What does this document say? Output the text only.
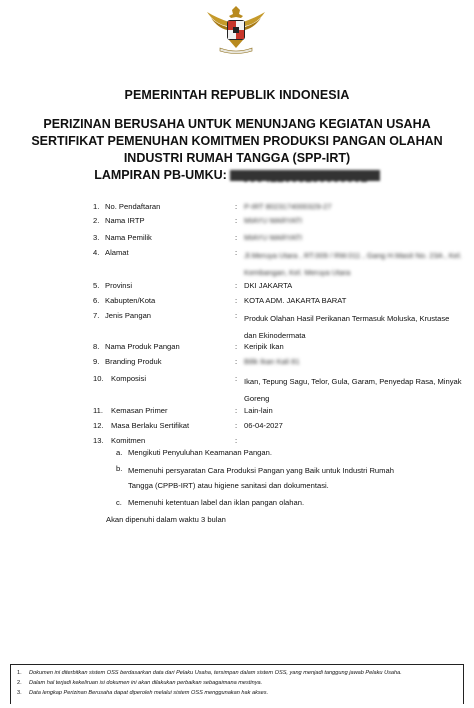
PEMERINTAH REPUBLIK INDONESIA
PERIZINAN BERUSAHA UNTUK MENUNJANG KEGIATAN USAHA
SERTIFIKAT PEMENUHAN KOMITMEN PRODUKSI PANGAN OLAHAN
INDUSTRI RUMAH TANGGA (SPP-IRT)
LAMPIRAN PB-UMKU: 000422003180000001
1. No. Pendaftaran	: P-IRT 8023174000329-27
2. Nama IRTP	: MIAYU MARYATI
3. Nama Pemilik	: MIAYU MARYATI
4. Alamat	: Jl.Meruya Utara , RT.009 / RW.011 , Gang H.Masit No. 23A , Kel. Kembangan, Kel. Meruya Utara
5. Provinsi	: DKI JAKARTA
6. Kabupten/Kota	: KOTA ADM. JAKARTA BARAT
7. Jenis Pangan	: Produk Olahan Hasil Perikanan Termasuk Moluska, Krustase dan Ekinodermata
8. Nama Produk Pangan	: Keripik Ikan
9. Branding Produk	: Bilik Ikan Kali 81
10. Komposisi	: Ikan, Tepung Sagu, Telor, Gula, Garam, Penyedap Rasa, Minyak Goreng
11. Kemasan Primer	: Lain-lain
12. Masa Berlaku Sertifikat	: 06-04-2027
13. Komitmen	:
a. Mengikuti Penyuluhan Keamanan Pangan.
b. Memenuhi persyaratan Cara Produksi Pangan yang Baik untuk Industri Rumah Tangga (CPPB-IRT) atau higiene sanitasi dan dokumentasi.
c. Memenuhi ketentuan label dan iklan pangan olahan.
Akan dipenuhi dalam waktu 3 bulan
1. Dokumen ini diterbitkan sistem OSS berdasarkan data dari Pelaku Usaha, tersimpan dalam sistem OSS, yang menjadi tanggung jawab Pelaku Usaha.
2. Dalam hal terjadi kekeliruan isi dokumen ini akan dilakukan perbaikan sebagaimana mestinya.
3. Data lengkap Perizinan Berusaha dapat diperoleh melalui sistem OSS menggunakan hak akses.
